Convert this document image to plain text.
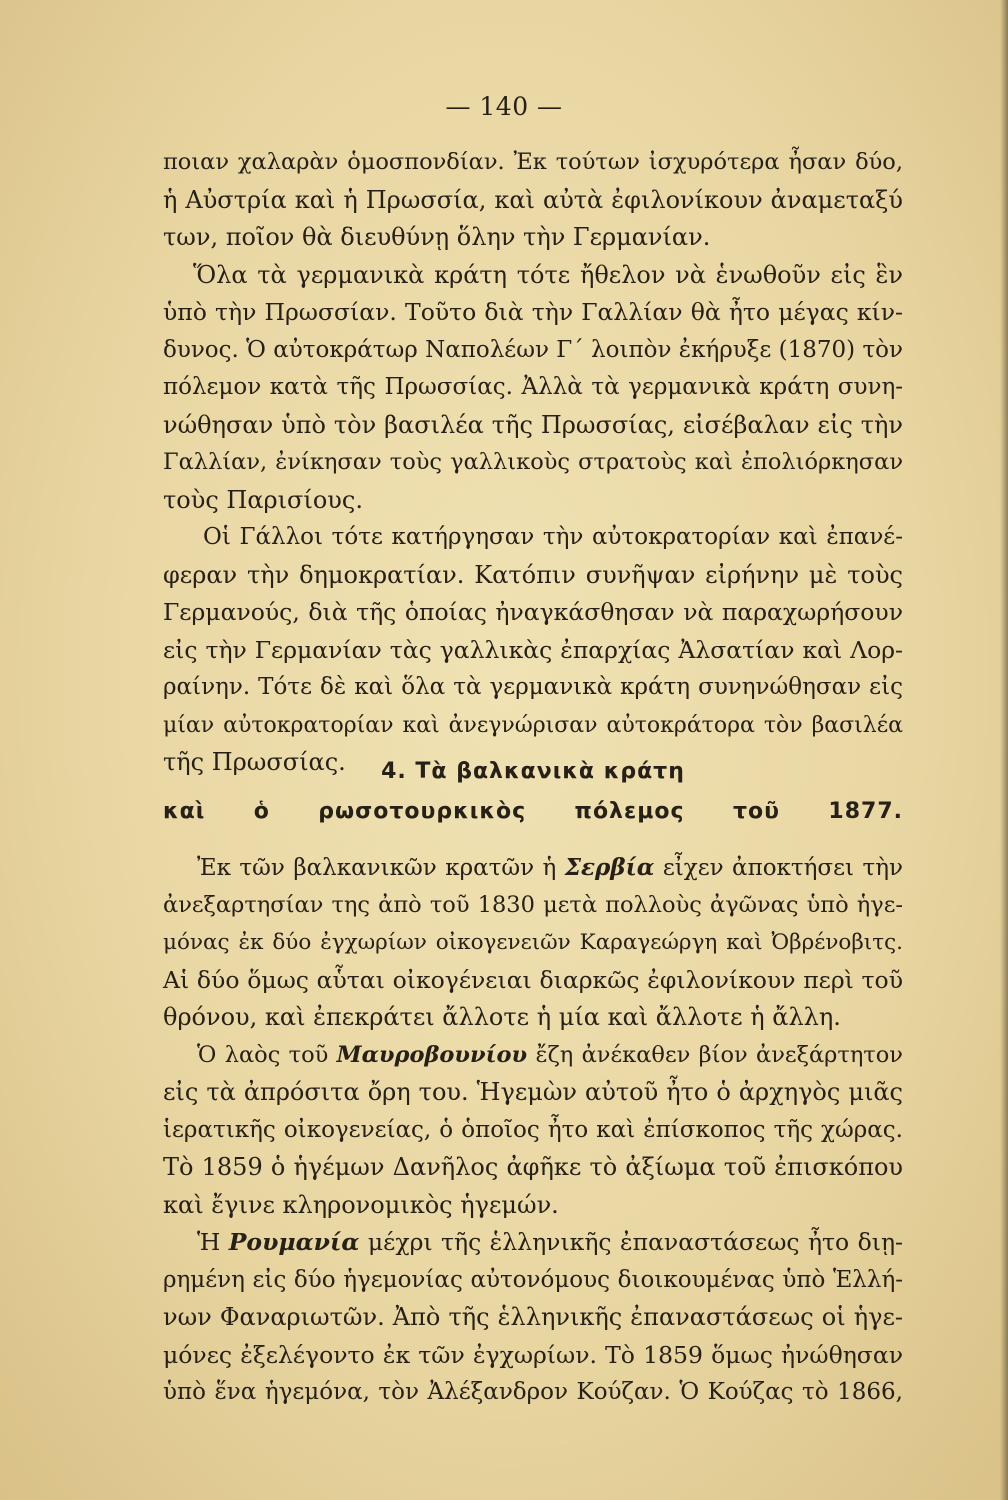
— 140 —
ποιαν χαλαρὰν ὁμοσπονδίαν. Ἐκ τούτων ἰσχυρότερα ἦσαν δύο,
ἡ Αὐστρία καὶ ἡ Πρωσσία, καὶ αὐτὰ ἐφιλονίκουν ἀναμεταξύ
των, ποῖον θὰ διευθύνῃ ὅλην τὴν Γερμανίαν.
Ὅλα τὰ γερμανικὰ κράτη τότε ἤθελον νὰ ἑνωθοῦν εἰς ἓν
ὑπὸ τὴν Πρωσσίαν. Τοῦτο διὰ τὴν Γαλλίαν θὰ ἦτο μέγας κίν-
δυνος. Ὁ αὐτοκράτωρ Ναπολέων Γ΄ λοιπὸν ἐκήρυξε (1870) τὸν
πόλεμον κατὰ τῆς Πρωσσίας. Ἀλλὰ τὰ γερμανικὰ κράτη συνη-
νώθησαν ὑπὸ τὸν βασιλέα τῆς Πρωσσίας, εἰσέβαλαν εἰς τὴν
Γαλλίαν, ἐνίκησαν τοὺς γαλλικοὺς στρατοὺς καὶ ἐπολιόρκησαν
τοὺς Παρισίους.
Οἱ Γάλλοι τότε κατήργησαν τὴν αὐτοκρατορίαν καὶ ἐπανέ-
φεραν τὴν δημοκρατίαν. Κατόπιν συνῆψαν εἰρήνην μὲ τοὺς
Γερμανούς, διὰ τῆς ὁποίας ἠναγκάσθησαν νὰ παραχωρήσουν
εἰς τὴν Γερμανίαν τὰς γαλλικὰς ἐπαρχίας Ἀλσατίαν καὶ Λορ-
ραίνην. Τότε δὲ καὶ ὅλα τὰ γερμανικὰ κράτη συνηνώθησαν εἰς
μίαν αὐτοκρατορίαν καὶ ἀνεγνώρισαν αὐτοκράτορα τὸν βασιλέα
τῆς Πρωσσίας.	4. Τὰ βαλκανικὰ κράτη
καὶ ὁ ρωσοτουρκικὸς πόλεμος τοῦ 1877.
Ἐκ τῶν βαλκανικῶν κρατῶν ἡ Σερβία εἶχεν ἀποκτήσει τὴν
ἀνεξαρτησίαν της ἀπὸ τοῦ 1830 μετὰ πολλοὺς ἀγῶνας ὑπὸ ἡγε-
μόνας ἐκ δύο ἐγχωρίων οἰκογενειῶν Καραγεώργη καὶ Ὀβρένοβιτς.
Αἱ δύο ὅμως αὗται οἰκογένειαι διαρκῶς ἐφιλονίκουν περὶ τοῦ
θρόνου, καὶ ἐπεκράτει ἄλλοτε ἡ μία καὶ ἄλλοτε ἡ ἄλλη.
Ὁ λαὸς τοῦ Μαυροβουνίου ἔζη ἀνέκαθεν βίον ἀνεξάρτητον
εἰς τὰ ἀπρόσιτα ὄρη του. Ἡγεμὼν αὐτοῦ ἦτο ὁ ἀρχηγὸς μιᾶς
ἱερατικῆς οἰκογενείας, ὁ ὁποῖος ἦτο καὶ ἐπίσκοπος τῆς χώρας.
Τὸ 1859 ὁ ἡγέμων Δανῆλος ἀφῆκε τὸ ἀξίωμα τοῦ ἐπισκόπου
καὶ ἔγινε κληρονομικὸς ἡγεμών.
Ἡ Ρουμανία μέχρι τῆς ἑλληνικῆς ἐπαναστάσεως ἦτο διῃ-
ρημένη εἰς δύο ἡγεμονίας αὐτονόμους διοικουμένας ὑπὸ Ἑλλή-
νων Φαναριωτῶν. Ἀπὸ τῆς ἑλληνικῆς ἐπαναστάσεως οἱ ἡγε-
μόνες ἐξελέγοντο ἐκ τῶν ἐγχωρίων. Τὸ 1859 ὅμως ἠνώθησαν
ὑπὸ ἕνα ἡγεμόνα, τὸν Ἀλέξανδρον Κούζαν. Ὁ Κούζας τὸ 1866,
